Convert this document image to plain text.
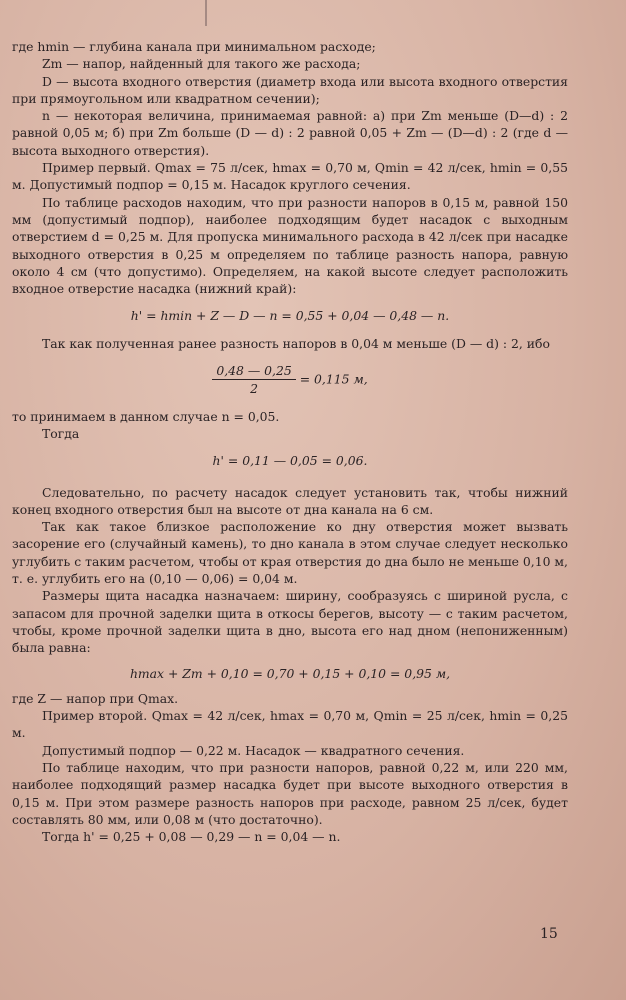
где hmin — глубина канала при минимальном расходе;

Zm — напор, найденный для такого же расхода;

D — высота входного отверстия (диаметр входа или высота входного отверстия при прямоугольном или квадратном сечении);

n — некоторая величина, принимаемая равной: а) при Zm меньше (D—d) : 2 равной 0,05 м; б) при Zm больше (D — d) : 2 равной 0,05 + Zm — (D—d) : 2 (где d — высота выходного отверстия).

Пример первый. Qmax = 75 л/сек, hmax = 0,70 м, Qmin = 42 л/сек, hmin = 0,55 м. Допустимый подпор = 0,15 м. Насадок круглого сечения.

По таблице расходов находим, что при разности напоров в 0,15 м, равной 150 мм (допустимый подпор), наиболее подходящим будет насадок с выходным отверстием d = 0,25 м. Для пропуска минимального расхода в 42 л/сек при насадке выходного отверстия в 0,25 м определяем по таблице разность напора, равную около 4 см (что допустимо). Определяем, на какой высоте следует расположить входное отверстие насадка (нижний край):

h' = hmin + Z — D — n = 0,55 + 0,04 — 0,48 — n.

Так как полученная ранее разность напоров в 0,04 м меньше (D — d) : 2, ибо

$\frac{0,48 — 0,25}{2} = 0,115$ м,

то принимаем в данном случае n = 0,05.

Тогда

h' = 0,11 — 0,05 = 0,06.

Следовательно, по расчету насадок следует установить так, чтобы нижний конец входного отверстия был на высоте от дна канала на 6 см.

Так как такое близкое расположение ко дну отверстия может вызвать засорение его (случайный камень), то дно канала в этом случае следует несколько углубить с таким расчетом, чтобы от края отверстия до дна было не меньше 0,10 м, т. е. углубить его на (0,10 — 0,06) = 0,04 м.

Размеры щита насадка назначаем: ширину, сообразуясь с шириной русла, с запасом для прочной заделки щита в откосы берегов, высоту — с таким расчетом, чтобы, кроме прочной заделки щита в дно, высота его над дном (непониженным) была равна:

hmax + Zm + 0,10 = 0,70 + 0,15 + 0,10 = 0,95 м,

где Z — напор при Qmax.

Пример второй. Qmax = 42 л/сек, hmax = 0,70 м, Qmin = 25 л/сек, hmin = 0,25 м.

Допустимый подпор — 0,22 м. Насадок — квадратного сечения.

По таблице находим, что при разности напоров, равной 0,22 м, или 220 мм, наиболее подходящий размер насадка будет при высоте выходного отверстия в 0,15 м. При этом размере разность напоров при расходе, равном 25 л/сек, будет составлять 80 мм, или 0,08 м (что достаточно).

Тогда h' = 0,25 + 0,08 — 0,29 — n = 0,04 — n.

15
